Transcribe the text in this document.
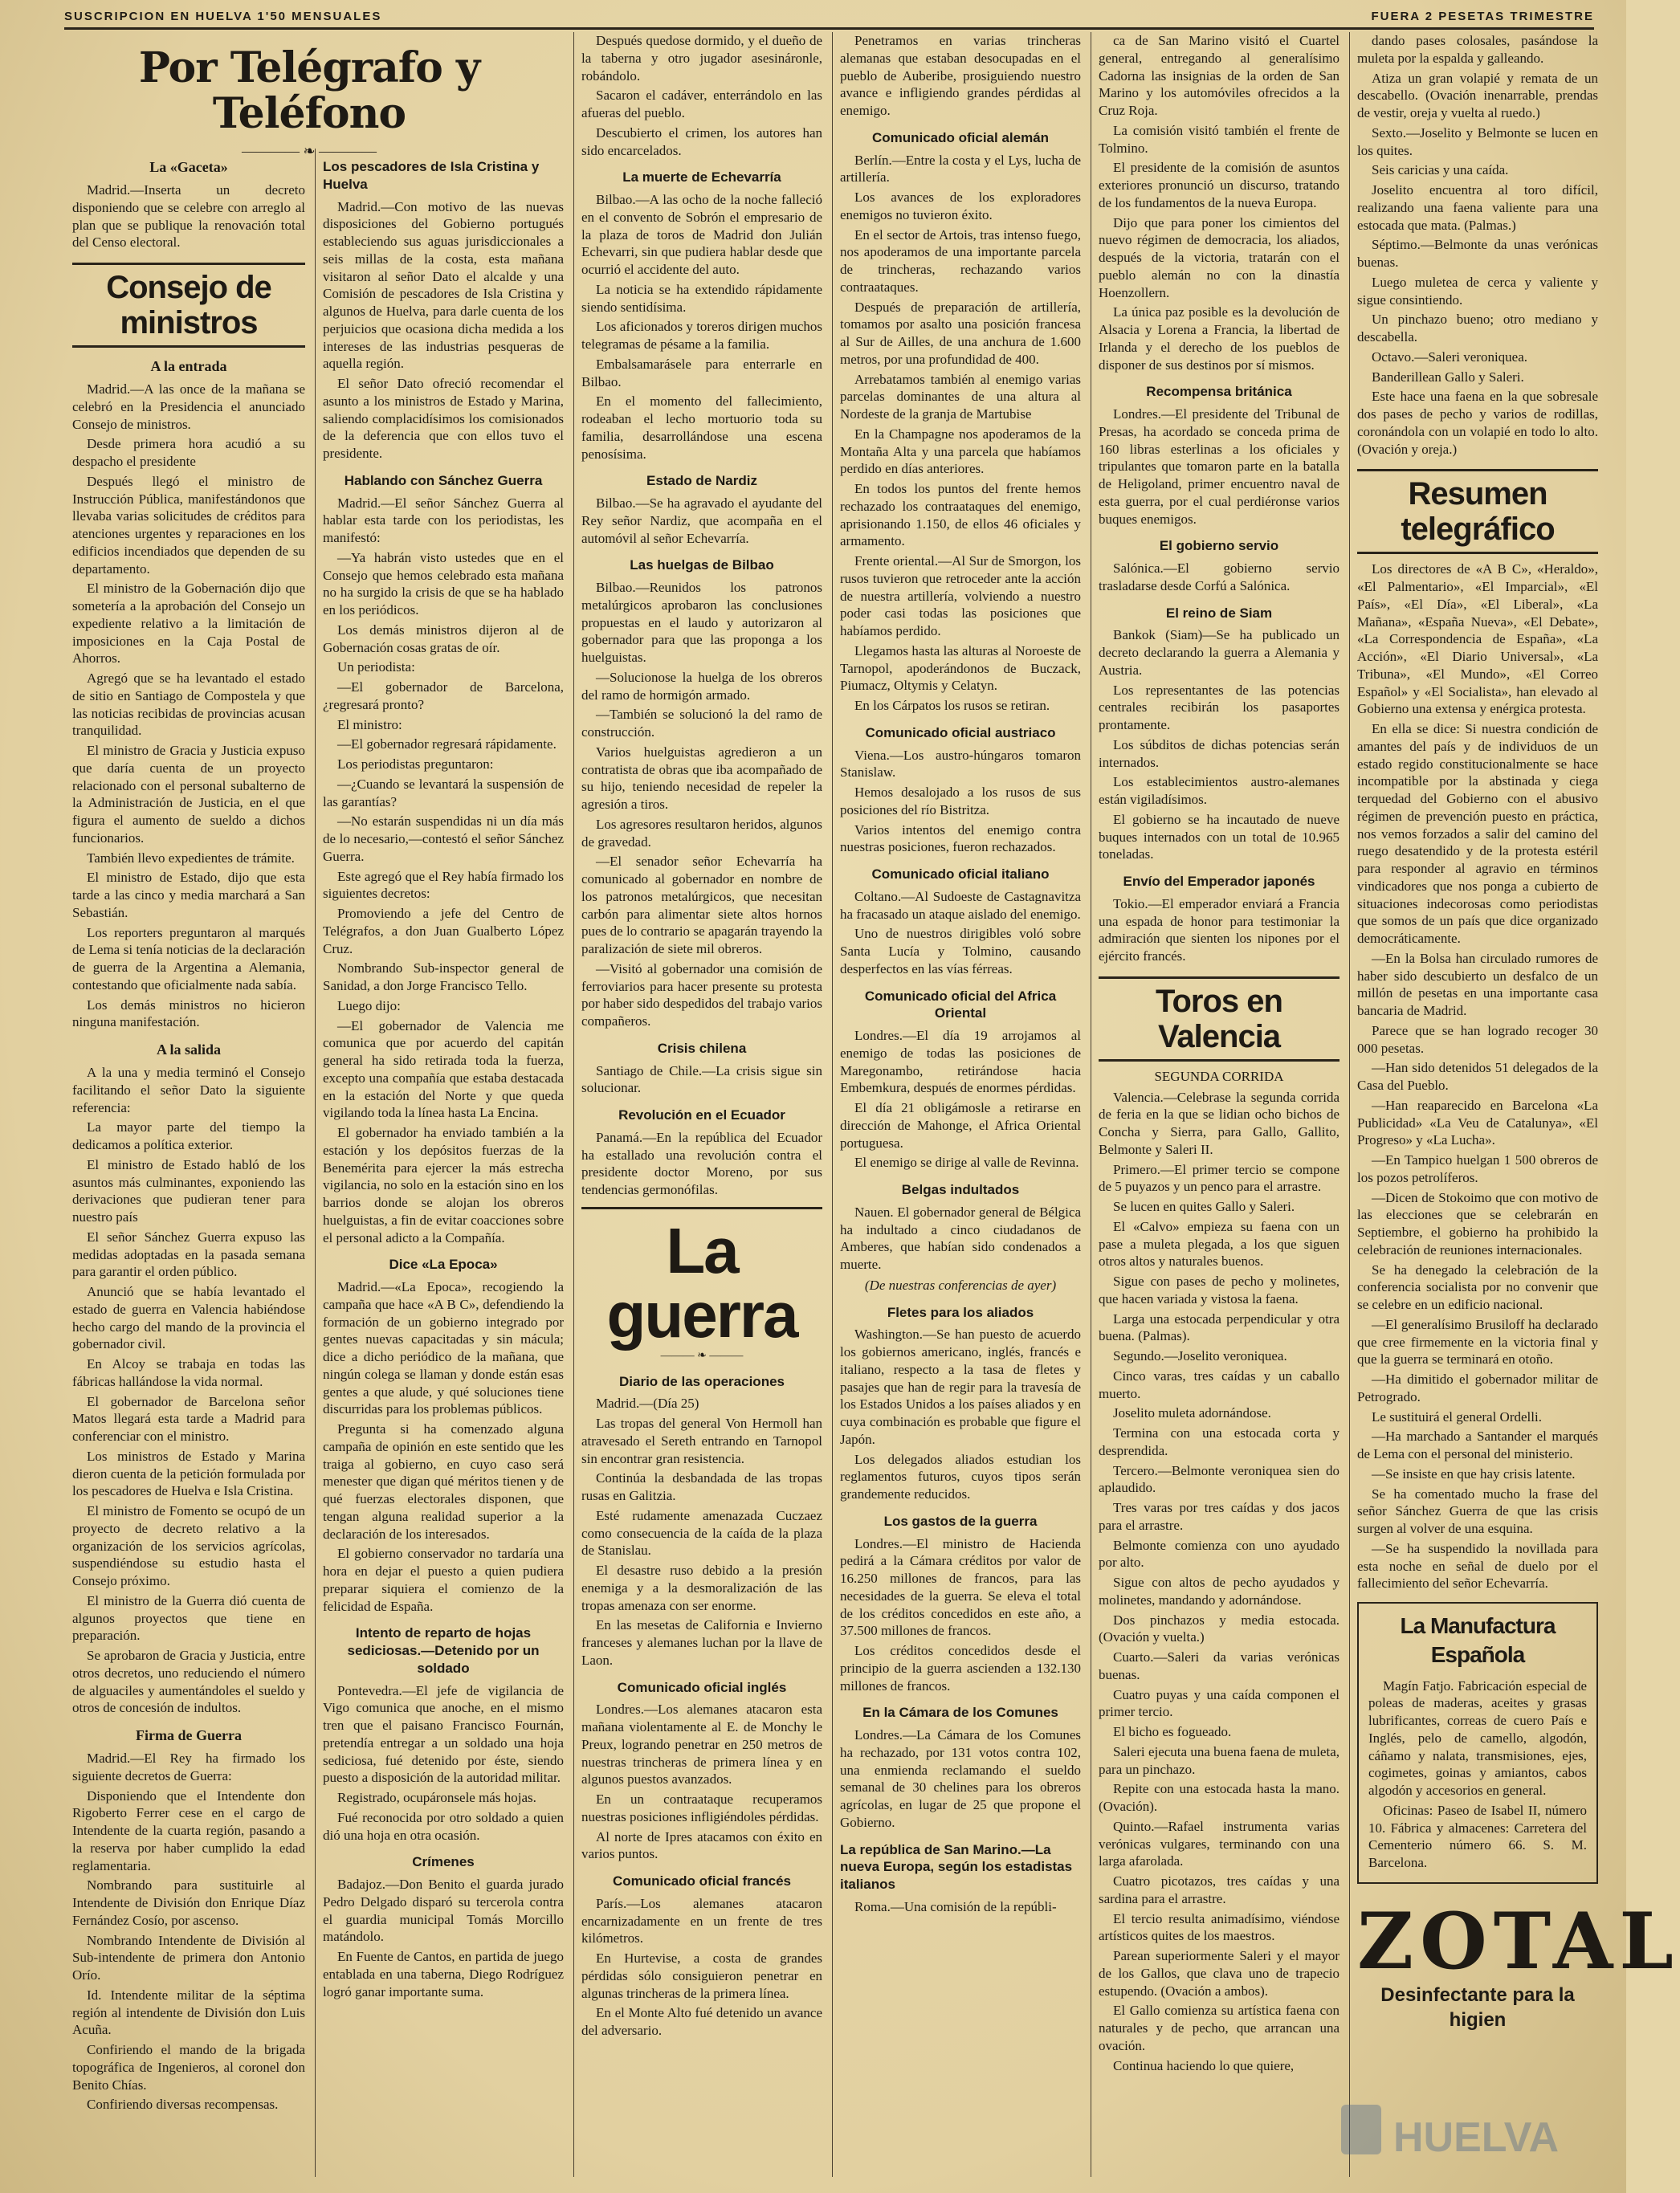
SUSCRIPCION EN HUELVA 1'50 MENSUALES	FUERA 2 PESETAS TRIMESTRE
Por Telégrafo y Teléfono
———— ❧ ————
La «Gaceta»

Madrid.—Inserta un decreto disponiendo que se celebre con arreglo al plan que se publique la renovación total del Censo electoral.

Consejo de ministros
A la entrada

Madrid.—A las once de la mañana se celebró en la Presidencia el anunciado Consejo de ministros.

Desde primera hora acudió a su despacho el presidente

Después llegó el ministro de Instrucción Pública, manifestándonos que llevaba varias solicitudes de créditos para atenciones urgentes y reparaciones en los edificios incendiados que dependen de su departamento.

El ministro de la Gobernación dijo que sometería a la aprobación del Consejo un expediente relativo a la limitación de imposiciones en la Caja Postal de Ahorros.

Agregó que se ha levantado el estado de sitio en Santiago de Compostela y que las noticias recibidas de provincias acusan tranquilidad.

El ministro de Gracia y Justicia expuso que daría cuenta de un proyecto relacionado con el personal subalterno de la Administración de Justicia, en el que figura el aumento de sueldo a dichos funcionarios.

También llevo expedientes de trámite.

El ministro de Estado, dijo que esta tarde a las cinco y media marchará a San Sebastián.

Los reporters preguntaron al marqués de Lema si tenía noticias de la declaración de guerra de la Argentina a Alemania, contestando que oficialmente nada sabía.

Los demás ministros no hicieron ninguna manifestación.

A la salida

A la una y media terminó el Consejo facilitando el señor Dato la siguiente referencia:

La mayor parte del tiempo la dedicamos a política exterior.

El ministro de Estado habló de los asuntos más culminantes, exponiendo las derivaciones que pudieran tener para nuestro país

El señor Sánchez Guerra expuso las medidas adoptadas en la pasada semana para garantir el orden público.

Anunció que se había levantado el estado de guerra en Valencia habiéndose hecho cargo del mando de la provincia el gobernador civil.

En Alcoy se trabaja en todas las fábricas hallándose la vida normal.

El gobernador de Barcelona señor Matos llegará esta tarde a Madrid para conferenciar con el ministro.

Los ministros de Estado y Marina dieron cuenta de la petición formulada por los pescadores de Huelva e Isla Cristina.

El ministro de Fomento se ocupó de un proyecto de decreto relativo a la organización de los servicios agrícolas, suspendiéndose su estudio hasta el Consejo próximo.

El ministro de la Guerra dió cuenta de algunos proyectos que tiene en preparación.

Se aprobaron de Gracia y Justicia, entre otros decretos, uno reduciendo el número de alguaciles y aumentándoles el sueldo y otros de concesión de indultos.

Firma de Guerra

Madrid.—El Rey ha firmado los siguiente decretos de Guerra:

Disponiendo que el Intendente don Rigoberto Ferrer cese en el cargo de Intendente de la cuarta región, pasando a la reserva por haber cumplido la edad reglamentaria.

Nombrando para sustituirle al Intendente de División don Enrique Díaz Fernández Cosío, por ascenso.

Nombrando Intendente de División al Sub-intendente de primera don Antonio Orío.

Id. Intendente militar de la séptima región al intendente de División don Luis Acuña.

Confiriendo el mando de la brigada topográfica de Ingenieros, al coronel don Benito Chías.

Confiriendo diversas recompensas.

Los pescadores de Isla Cristina y Huelva

Madrid.—Con motivo de las nuevas disposiciones del Gobierno portugués estableciendo sus aguas jurisdiccionales a seis millas de la costa, esta mañana visitaron al señor Dato el alcalde y una Comisión de pescadores de Isla Cristina y algunos de Huelva, para darle cuenta de los perjuicios que ocasiona dicha medida a los intereses de las industrias pesqueras de aquella región.

El señor Dato ofreció recomendar el asunto a los ministros de Estado y Marina, saliendo complacidísimos los comisionados de la deferencia que con ellos tuvo el presidente.

Hablando con Sánchez Guerra

Madrid.—El señor Sánchez Guerra al hablar esta tarde con los periodistas, les manifestó:

—Ya habrán visto ustedes que en el Consejo que hemos celebrado esta mañana no ha surgido la crisis de que se ha hablado en los periódicos.

Los demás ministros dijeron al de Gobernación cosas gratas de oír.

Un periodista:

—El gobernador de Barcelona, ¿regresará pronto?

El ministro:

—El gobernador regresará rápidamente.

Los periodistas preguntaron:

—¿Cuando se levantará la suspensión de las garantías?

—No estarán suspendidas ni un día más de lo necesario,—contestó el señor Sánchez Guerra.

Este agregó que el Rey había firmado los siguientes decretos:

Promoviendo a jefe del Centro de Telégrafos, a don Juan Gualberto López Cruz.

Nombrando Sub-inspector general de Sanidad, a don Jorge Francisco Tello.

Luego dijo:

—El gobernador de Valencia me comunica que por acuerdo del capitán general ha sido retirada toda la fuerza, excepto una compañía que estaba destacada en la estación del Norte y que queda vigilando toda la línea hasta La Encina.

El gobernador ha enviado también a la estación y los depósitos fuerzas de la Benemérita para ejercer la más estrecha vigilancia, no solo en la estación sino en los barrios donde se alojan los obreros huelguistas, a fin de evitar coacciones sobre el personal adicto a la Compañía.

Dice «La Epoca»

Madrid.—«La Epoca», recogiendo la campaña que hace «A B C», defendiendo la formación de un gobierno integrado por gentes nuevas capacitadas y sin mácula; dice a dicho periódico de la mañana, que ningún colega se llaman y donde están esas gentes a que alude, y qué soluciones tiene discurridas para los problemas públicos.

Pregunta si ha comenzado alguna campaña de opinión en este sentido que les traiga al gobierno, en cuyo caso será menester que digan qué méritos tienen y de qué fuerzas electorales disponen, que tengan alguna realidad superior a la declaración de los interesados.

El gobierno conservador no tardaría una hora en dejar el puesto a quien pudiera preparar siquiera el comienzo de la felicidad de España.

Intento de reparto de hojas sediciosas.—Detenido por un soldado

Pontevedra.—El jefe de vigilancia de Vigo comunica que anoche, en el mismo tren que el paisano Francisco Fournán, pretendía entregar a un soldado una hoja sediciosa, fué detenido por éste, siendo puesto a disposición de la autoridad militar.

Registrado, ocupáronsele más hojas.

Fué reconocida por otro soldado a quien dió una hoja en otra ocasión.

Crímenes

Badajoz.—Don Benito el guarda jurado Pedro Delgado disparó su tercerola contra el guardia municipal Tomás Morcillo matándolo.

En Fuente de Cantos, en partida de juego entablada en una taberna, Diego Rodríguez logró ganar importante suma.

Después quedose dormido, y el dueño de la taberna y otro jugador asesináronle, robándolo.

Sacaron el cadáver, enterrándolo en las afueras del pueblo.

Descubierto el crimen, los autores han sido encarcelados.

La muerte de Echevarría

Bilbao.—A las ocho de la noche falleció en el convento de Sobrón el empresario de la plaza de toros de Madrid don Julián Echevarri, sin que pudiera hablar desde que ocurrió el accidente del auto.

La noticia se ha extendido rápidamente siendo sentidísima.

Los aficionados y toreros dirigen muchos telegramas de pésame a la familia.

Embalsamarásele para enterrarle en Bilbao.

En el momento del fallecimiento, rodeaban el lecho mortuorio toda su familia, desarrollándose una escena penosísima.

Estado de Nardiz

Bilbao.—Se ha agravado el ayudante del Rey señor Nardiz, que acompaña en el automóvil al señor Echevarría.

Las huelgas de Bilbao

Bilbao.—Reunidos los patronos metalúrgicos aprobaron las conclusiones propuestas en el laudo y autorizaron al gobernador para que las proponga a los huelguistas.

—Solucionose la huelga de los obreros del ramo de hormigón armado.

—También se solucionó la del ramo de construcción.

Varios huelguistas agredieron a un contratista de obras que iba acompañado de su hijo, teniendo necesidad de repeler la agresión a tiros.

Los agresores resultaron heridos, algunos de gravedad.

—El senador señor Echevarría ha comunicado al gobernador en nombre de los patronos metalúrgicos, que necesitan carbón para alimentar siete altos hornos pues de lo contrario se apagarán trayendo la paralización de siete mil obreros.

—Visitó al gobernador una comisión de ferroviarios para hacer presente su protesta por haber sido despedidos del trabajo varios compañeros.

Crisis chilena

Santiago de Chile.—La crisis sigue sin solucionar.

Revolución en el Ecuador

Panamá.—En la república del Ecuador ha estallado una revolución contra el presidente doctor Moreno, por sus tendencias germonófilas.

La guerra
——— ❧ ———
Diario de las operaciones

Madrid.—(Día 25)

Las tropas del general Von Hermoll han atravesado el Sereth entrando en Tarnopol sin encontrar gran resistencia.

Continúa la desbandada de las tropas rusas en Galitzia.

Esté rudamente amenazada Cuczaez como consecuencia de la caída de la plaza de Stanislau.

El desastre ruso debido a la presión enemiga y a la desmoralización de las tropas amenaza con ser enorme.

En las mesetas de California e Invierno franceses y alemanes luchan por la llave de Laon.

Comunicado oficial inglés

Londres.—Los alemanes atacaron esta mañana violentamente al E. de Monchy le Preux, logrando penetrar en 250 metros de nuestras trincheras de primera línea y en algunos puestos avanzados.

En un contraataque recuperamos nuestras posiciones infligiéndoles pérdidas.

Al norte de Ipres atacamos con éxito en varios puntos.

Comunicado oficial francés

París.—Los alemanes atacaron encarnizadamente en un frente de tres kilómetros.

En Hurtevise, a costa de grandes pérdidas sólo consiguieron penetrar en algunas trincheras de la primera línea.

En el Monte Alto fué detenido un avance del adversario.

Penetramos en varias trincheras alemanas que estaban desocupadas en el pueblo de Auberibe, prosiguiendo nuestro avance e infligiendo grandes pérdidas al enemigo.

Comunicado oficial alemán

Berlín.—Entre la costa y el Lys, lucha de artillería.

Los avances de los exploradores enemigos no tuvieron éxito.

En el sector de Artois, tras intenso fuego, nos apoderamos de una importante parcela de trincheras, rechazando varios contraataques.

Después de preparación de artillería, tomamos por asalto una posición francesa al Sur de Ailles, de una anchura de 1.600 metros, por una profundidad de 400.

Arrebatamos también al enemigo varias parcelas dominantes de una altura al Nordeste de la granja de Martubise

En la Champagne nos apoderamos de la Montaña Alta y una parcela que habíamos perdido en días anteriores.

En todos los puntos del frente hemos rechazado los contraataques del enemigo, aprisionando 1.150, de ellos 46 oficiales y armamento.

Frente oriental.—Al Sur de Smorgon, los rusos tuvieron que retroceder ante la acción de nuestra artillería, volviendo a nuestro poder casi todas las posiciones que habíamos perdido.

Llegamos hasta las alturas al Noroeste de Tarnopol, apoderándonos de Buczack, Piumacz, Oltymis y Celatyn.

En los Cárpatos los rusos se retiran.

Comunicado oficial austriaco

Viena.—Los austro-húngaros tomaron Stanislaw.

Hemos desalojado a los rusos de sus posiciones del río Bistritza.

Varios intentos del enemigo contra nuestras posiciones, fueron rechazados.

Comunicado oficial italiano

Coltano.—Al Sudoeste de Castagnavitza ha fracasado un ataque aislado del enemigo.

Uno de nuestros dirigibles voló sobre Santa Lucía y Tolmino, causando desperfectos en las vías férreas.

Comunicado oficial del Africa Oriental

Londres.—El día 19 arrojamos al enemigo de todas las posiciones de Maregonambo, retirándose hacia Embemkura, después de enormes pérdidas.

El día 21 obligámosle a retirarse en dirección de Mahonge, el Africa Oriental portuguesa.

El enemigo se dirige al valle de Revinna.

Belgas indultados

Nauen. El gobernador general de Bélgica ha indultado a cinco ciudadanos de Amberes, que habían sido condenados a muerte.

(De nuestras conferencias de ayer)
Fletes para los aliados

Washington.—Se han puesto de acuerdo los gobiernos americano, inglés, francés e italiano, respecto a la tasa de fletes y pasajes que han de regir para la travesía de los Estados Unidos a los países aliados y en cuya combinación es probable que figure el Japón.

Los delegados aliados estudian los reglamentos futuros, cuyos tipos serán grandemente reducidos.

Los gastos de la guerra

Londres.—El ministro de Hacienda pedirá a la Cámara créditos por valor de 16.250 millones de francos, para las necesidades de la guerra. Se eleva el total de los créditos concedidos en este año, a 37.500 millones de francos.

Los créditos concedidos desde el principio de la guerra ascienden a 132.130 millones de francos.

En la Cámara de los Comunes

Londres.—La Cámara de los Comunes ha rechazado, por 131 votos contra 102, una enmienda reclamando el sueldo semanal de 30 chelines para los obreros agrícolas, en lugar de 25 que propone el Gobierno.

La república de San Marino.—La nueva Europa, según los estadistas italianos

Roma.—Una comisión de la repúbli-

ca de San Marino visitó el Cuartel general, entregando al generalísimo Cadorna las insignias de la orden de San Marino y los automóviles ofrecidos a la Cruz Roja.

La comisión visitó también el frente de Tolmino.

El presidente de la comisión de asuntos exteriores pronunció un discurso, tratando de los fundamentos de la nueva Europa.

Dijo que para poner los cimientos del nuevo régimen de democracia, los aliados, después de la victoria, tratarán con el pueblo alemán no con la dinastía Hoenzollern.

La única paz posible es la devolución de Alsacia y Lorena a Francia, la libertad de Irlanda y el derecho de los pueblos de disponer de sus destinos por sí mismos.

Recompensa británica

Londres.—El presidente del Tribunal de Presas, ha acordado se conceda prima de 160 libras esterlinas a los oficiales y tripulantes que tomaron parte en la batalla de Heligoland, primer encuentro naval de esta guerra, por el cual perdiéronse varios buques enemigos.

El gobierno servio

Salónica.—El gobierno servio trasladarse desde Corfú a Salónica.

El reino de Siam

Bankok (Siam)—Se ha publicado un decreto declarando la guerra a Alemania y Austria.

Los representantes de las potencias centrales recibirán los pasaportes prontamente.

Los súbditos de dichas potencias serán internados.

Los establecimientos austro-alemanes están vigiladísimos.

El gobierno se ha incautado de nueve buques internados con un total de 10.965 toneladas.

Envío del Emperador japonés

Tokio.—El emperador enviará a Francia una espada de honor para testimoniar la admiración que sienten los nipones por el ejército francés.

Toros en Valencia
SEGUNDA CORRIDA

Valencia.—Celebrase la segunda corrida de feria en la que se lidian ocho bichos de Concha y Sierra, para Gallo, Gallito, Belmonte y Saleri II.

Primero.—El primer tercio se compone de 5 puyazos y un penco para el arrastre.

Se lucen en quites Gallo y Saleri.

El «Calvo» empieza su faena con un pase a muleta plegada, a los que siguen otros altos y naturales buenos.

Sigue con pases de pecho y molinetes, que hacen variada y vistosa la faena.

Larga una estocada perpendicular y otra buena. (Palmas).

Segundo.—Joselito veroniquea.

Cinco varas, tres caídas y un caballo muerto.

Joselito muleta adornándose.

Termina con una estocada corta y desprendida.

Tercero.—Belmonte veroniquea sien do aplaudido.

Tres varas por tres caídas y dos jacos para el arrastre.

Belmonte comienza con uno ayudado por alto.

Sigue con altos de pecho ayudados y molinetes, mandando y adornándose.

Dos pinchazos y media estocada. (Ovación y vuelta.)

Cuarto.—Saleri da varias verónicas buenas.

Cuatro puyas y una caída componen el primer tercio.

El bicho es fogueado.

Saleri ejecuta una buena faena de muleta, para un pinchazo.

Repite con una estocada hasta la mano. (Ovación).

Quinto.—Rafael instrumenta varias verónicas vulgares, terminando con una larga afarolada.

Cuatro picotazos, tres caídas y una sardina para el arrastre.

El tercio resulta animadísimo, viéndose artísticos quites de los maestros.

Parean superiormente Saleri y el mayor de los Gallos, que clava uno de trapecio estupendo. (Ovación a ambos).

El Gallo comienza su artística faena con naturales y de pecho, que arrancan una ovación.

Continua haciendo lo que quiere,

dando pases colosales, pasándose la muleta por la espalda y galleando.

Atiza un gran volapié y remata de un descabello. (Ovación inenarrable, prendas de vestir, oreja y vuelta al ruedo.)

Sexto.—Joselito y Belmonte se lucen en los quites.

Seis caricias y una caída.

Joselito encuentra al toro difícil, realizando una faena valiente para una estocada que mata. (Palmas.)

Séptimo.—Belmonte da unas verónicas buenas.

Luego muletea de cerca y valiente y sigue consintiendo.

Un pinchazo bueno; otro mediano y descabella.

Octavo.—Saleri veroniquea.

Banderillean Gallo y Saleri.

Este hace una faena en la que sobresale dos pases de pecho y varios de rodillas, coronándola con un volapié en todo lo alto. (Ovación y oreja.)

Resumen telegráfico

Los directores de «A B C», «Heraldo», «El Palmentario», «El Imparcial», «El País», «El Día», «El Liberal», «La Mañana», «España Nueva», «El Debate», «La Correspondencia de España», «La Acción», «El Diario Universal», «La Tribuna», «El Mundo», «El Correo Español» y «El Socialista», han elevado al Gobierno una extensa y enérgica protesta.

En ella se dice: Si nuestra condición de amantes del país y de individuos de un estado regido constitucionalmente se hace incompatible por la abstinada y ciega terquedad del Gobierno con el abusivo régimen de prevención puesto en práctica, nos vemos forzados a salir del camino del ruego desatendido y de la protesta estéril para responder al agravio en términos vindicadores que nos ponga a cubierto de situaciones indecorosas como periodistas que somos de un país que dice organizado democráticamente.

—En la Bolsa han circulado rumores de haber sido descubierto un desfalco de un millón de pesetas en una importante casa bancaria de Madrid.

Parece que se han logrado recoger 30 000 pesetas.

—Han sido detenidos 51 delegados de la Casa del Pueblo.

—Han reaparecido en Barcelona «La Publicidad» «La Veu de Catalunya», «El Progreso» y «La Lucha».

—En Tampico huelgan 1 500 obreros de los pozos petrolíferos.

—Dicen de Stokoimo que con motivo de las elecciones que se celebrarán en Septiembre, el gobierno ha prohibido la celebración de reuniones internacionales.

Se ha denegado la celebración de la conferencia socialista por no convenir que se celebre en un edificio nacional.

—El generalísimo Brusiloff ha declarado que cree firmemente en la victoria final y que la guerra se terminará en otoño.

—Ha dimitido el gobernador militar de Petrogrado.

Le sustituirá el general Ordelli.

—Ha marchado a Santander el marqués de Lema con el personal del ministerio.

—Se insiste en que hay crisis latente.

Se ha comentado mucho la frase del señor Sánchez Guerra de que las crisis surgen al volver de una esquina.

—Se ha suspendido la novillada para esta noche en señal de duelo por el fallecimiento del señor Echevarría.

La Manufactura Española

Magín Fatjo. Fabricación especial de poleas de maderas, aceites y grasas lubrificantes, correas de cuero País e Inglés, pelo de camello, algodón, cáñamo y nalata, transmisiones, ejes, cogimetes, goinas y amiantos, cabos algodón y accesorios en general.

Oficinas: Paseo de Isabel II, número 10. Fábrica y almacenes: Carretera del Cementerio número 66. S. M. Barcelona.

ZOTAL
Desinfectante para la higien
HUELVA
